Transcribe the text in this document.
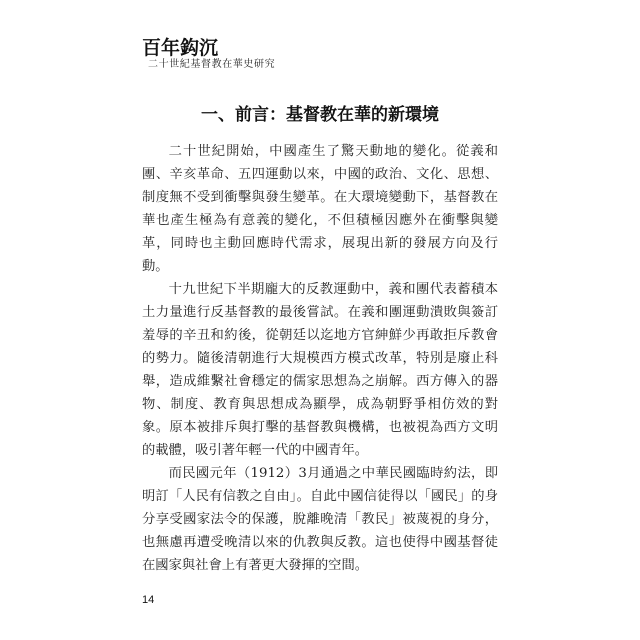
百年鈎沉
二十世紀基督教在華史研究
一、前言：基督教在華的新環境

二十世紀開始，中國產生了驚天動地的變化。從義和團、辛亥革命、五四運動以來，中國的政治、文化、思想、制度無不受到衝擊與發生變革。在大環境變動下，基督教在華也產生極為有意義的變化，不但積極因應外在衝擊與變革，同時也主動回應時代需求，展現出新的發展方向及行動。

十九世紀下半期龐大的反教運動中，義和團代表蓄積本土力量進行反基督教的最後嘗試。在義和團運動潰敗與簽訂羞辱的辛丑和約後，從朝廷以迄地方官紳鮮少再敢拒斥教會的勢力。隨後清朝進行大規模西方模式改革，特別是廢止科舉，造成維繫社會穩定的儒家思想為之崩解。西方傳入的器物、制度、教育與思想成為顯學，成為朝野爭相仿效的對象。原本被排斥與打擊的基督教與機構，也被視為西方文明的載體，吸引著年輕一代的中國青年。

而民國元年（1912）3月通過之中華民國臨時約法，即明訂「人民有信教之自由」。自此中國信徒得以「國民」的身分享受國家法令的保護，脫離晚清「教民」被蔑視的身分，也無慮再遭受晚清以來的仇教與反教。這也使得中國基督徒在國家與社會上有著更大發揮的空間。

14
